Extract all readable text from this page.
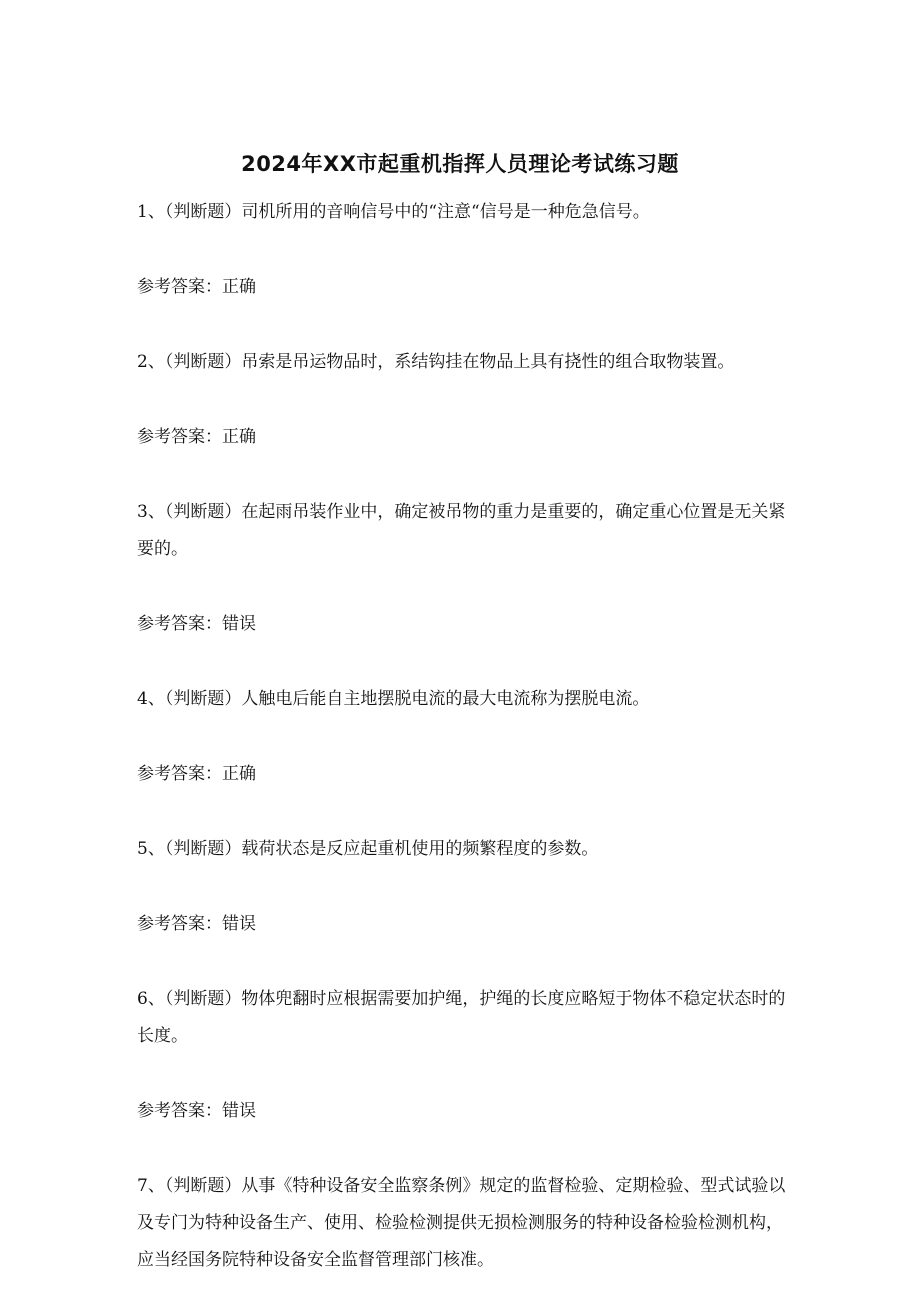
2024年XX市起重机指挥人员理论考试练习题

1、（判断题）司机所用的音响信号中的“注意“信号是一种危急信号。

参考答案：正确

2、（判断题）吊索是吊运物品时，系结钩挂在物品上具有挠性的组合取物装置。

参考答案：正确

3、（判断题）在起雨吊装作业中，确定被吊物的重力是重要的，确定重心位置是无关紧要的。

参考答案：错误

4、（判断题）人触电后能自主地摆脱电流的最大电流称为摆脱电流。

参考答案：正确

5、（判断题）载荷状态是反应起重机使用的频繁程度的参数。

参考答案：错误

6、（判断题）物体兜翻时应根据需要加护绳，护绳的长度应略短于物体不稳定状态时的长度。

参考答案：错误

7、（判断题）从事《特种设备安全监察条例》规定的监督检验、定期检验、型式试验以及专门为特种设备生产、使用、检验检测提供无损检测服务的特种设备检验检测机构，应当经国务院特种设备安全监督管理部门核准。
